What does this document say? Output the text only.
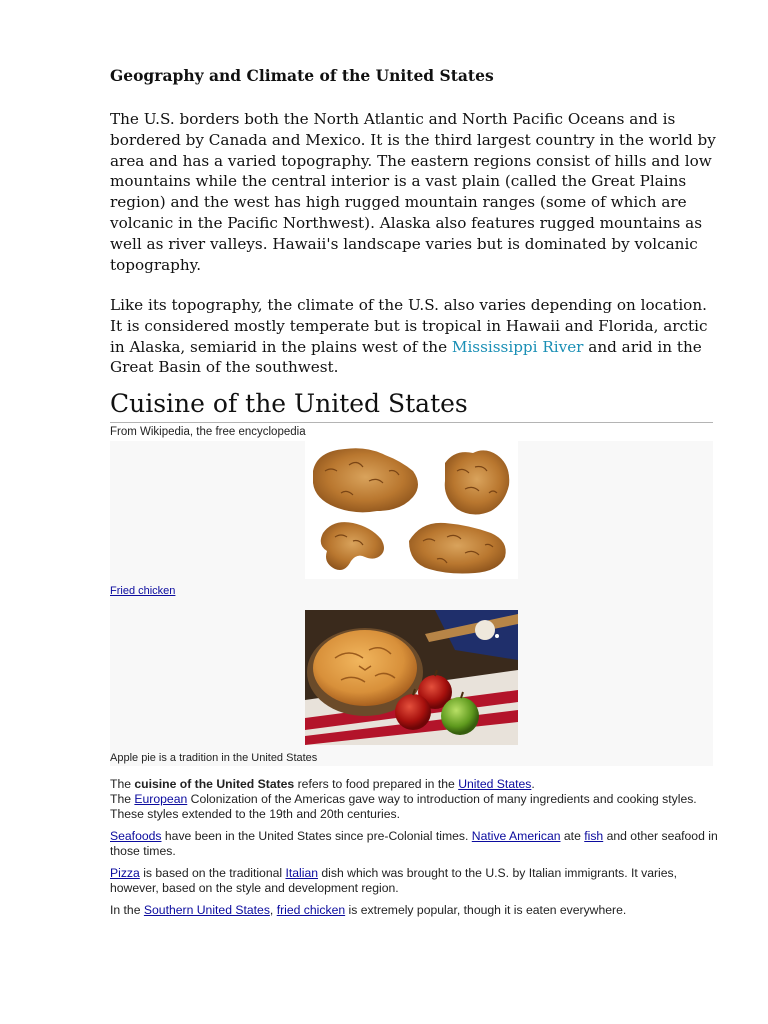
Geography and Climate of the United States

The U.S. borders both the North Atlantic and North Pacific Oceans and is bordered by Canada and Mexico. It is the third largest country in the world by area and has a varied topography. The eastern regions consist of hills and low mountains while the central interior is a vast plain (called the Great Plains region) and the west has high rugged mountain ranges (some of which are volcanic in the Pacific Northwest). Alaska also features rugged mountains as well as river valleys. Hawaii's landscape varies but is dominated by volcanic topography.

Like its topography, the climate of the U.S. also varies depending on location. It is considered mostly temperate but is tropical in Hawaii and Florida, arctic in Alaska, semiarid in the plains west of the Mississippi River and arid in the Great Basin of the southwest.

Cuisine of the United States
From Wikipedia, the free encyclopedia
Fried chicken
Apple pie is a tradition in the United States

The cuisine of the United States refers to food prepared in the United States.
The European Colonization of the Americas gave way to introduction of many ingredients and cooking styles. These styles extended to the 19th and 20th centuries.

Seafoods have been in the United States since pre-Colonial times. Native American ate fish and other seafood in those times.

Pizza is based on the traditional Italian dish which was brought to the U.S. by Italian immigrants. It varies, however, based on the style and development region.

In the Southern United States, fried chicken is extremely popular, though it is eaten everywhere.
